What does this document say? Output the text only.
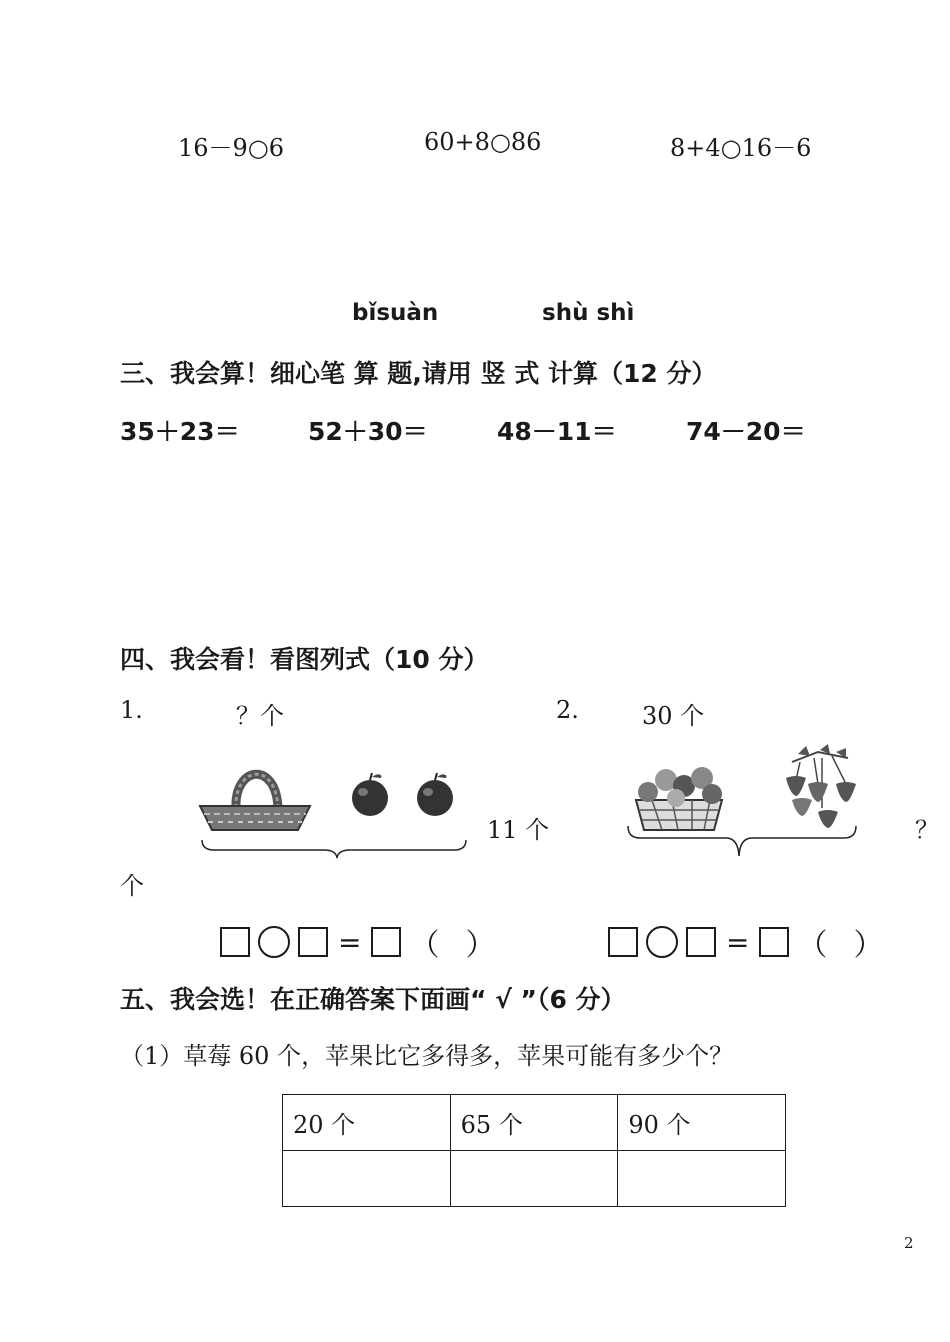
16－9○6	60+8○86	8+4○16－6
bǐsuàn	shù shì
三、我会算！细心笔 算 题,请用 竖 式 计算（12 分）
35＋23＝	52＋30＝	48－11＝	74－20＝
四、我会看！看图列式（10 分）
1.	？个	2.	30 个
11 个	？
个
= （ ）	= （ ）
五、我会选！在正确答案下面画“ √ ”（6 分）
（1）草莓 60 个，苹果比它多得多，苹果可能有多少个？
20 个	65 个	90 个

2
